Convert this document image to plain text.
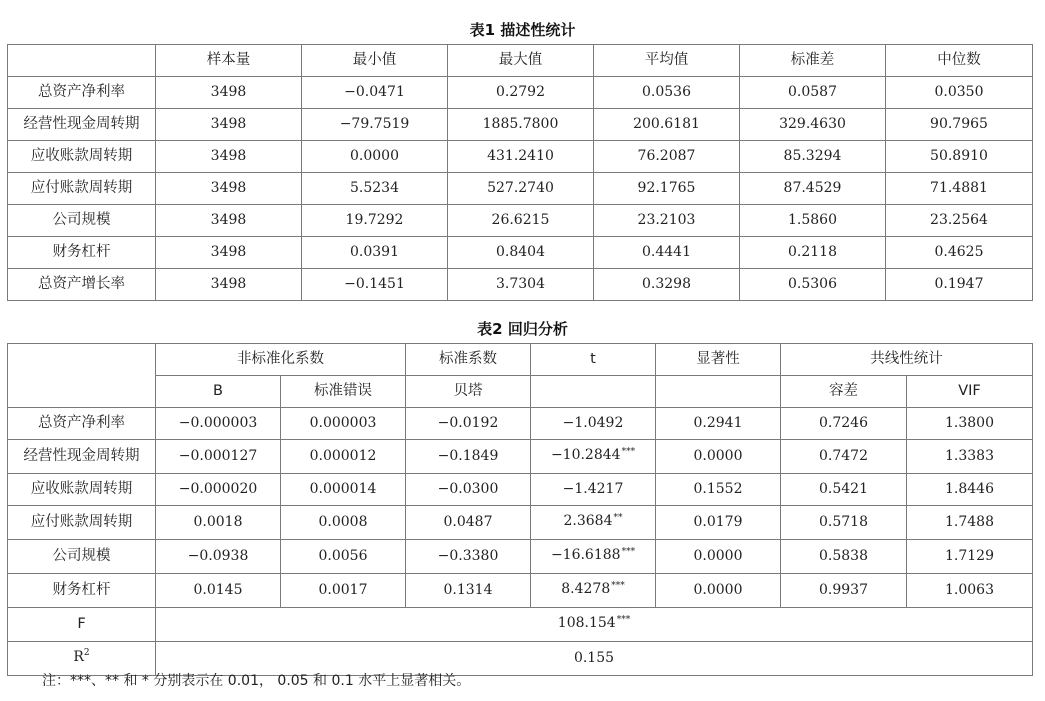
表1 描述性统计
	样本量	最小值	最大值	平均值	标准差	中位数
总资产净利率	3498	−0.0471	0.2792	0.0536	0.0587	0.0350
经营性现金周转期	3498	−79.7519	1885.7800	200.6181	329.4630	90.7965
应收账款周转期	3498	0.0000	431.2410	76.2087	85.3294	50.8910
应付账款周转期	3498	5.5234	527.2740	92.1765	87.4529	71.4881
公司规模	3498	19.7292	26.6215	23.2103	1.5860	23.2564
财务杠杆	3498	0.0391	0.8404	0.4441	0.2118	0.4625
总资产增长率	3498	−0.1451	3.7304	0.3298	0.5306	0.1947
表2 回归分析
	非标准化系数		标准系数	t	显著性	共线性统计	
	B	标准错误	贝塔			容差	VIF
总资产净利率	−0.000003	0.000003	−0.0192	−1.0492	0.2941	0.7246	1.3800
经营性现金周转期	−0.000127	0.000012	−0.1849	−10.2844***	0.0000	0.7472	1.3383
应收账款周转期	−0.000020	0.000014	−0.0300	−1.4217	0.1552	0.5421	1.8446
应付账款周转期	0.0018	0.0008	0.0487	2.3684**	0.0179	0.5718	1.7488
公司规模	−0.0938	0.0056	−0.3380	−16.6188***	0.0000	0.5838	1.7129
财务杠杆	0.0145	0.0017	0.1314	8.4278***	0.0000	0.9937	1.0063
F	108.154***
$R^2$	0.155						
注：***、** 和 * 分别表示在 0.01， 0.05 和 0.1 水平上显著相关。
